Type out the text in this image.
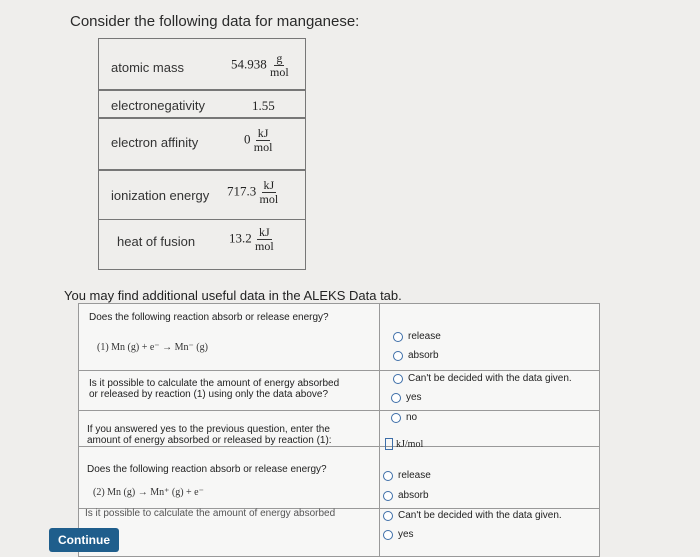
Consider the following data for manganese:
atomic mass	$54.938 \frac{g}{\text{mol}}$
electronegativity	1.55
electron affinity	$0 \frac{kJ}{\text{mol}}$
ionization energy $717.3 \frac{kJ}{\text{mol}}$
heat of fusion	$13.2 \frac{kJ}{\text{mol}}$
You may find additional useful data in the ALEKS Data tab.
Does the following reaction absorb or release energy?
(1) Mn (g) + e⁻ → Mn⁻ (g)
release
absorb
Can't be decided with the data given.
Is it possible to calculate the amount of energy absorbed
or released by reaction (1) using only the data above?	yes
no
If you answered yes to the previous question, enter the
amount of energy absorbed or released by reaction (1):	kJ/mol
Does the following reaction absorb or release energy?
(2) Mn (g) → Mn⁺ (g) + e⁻
release
absorb
Can't be decided with the data given.
Is it possible to calculate the amount of energy absorbed
yes
Continue
